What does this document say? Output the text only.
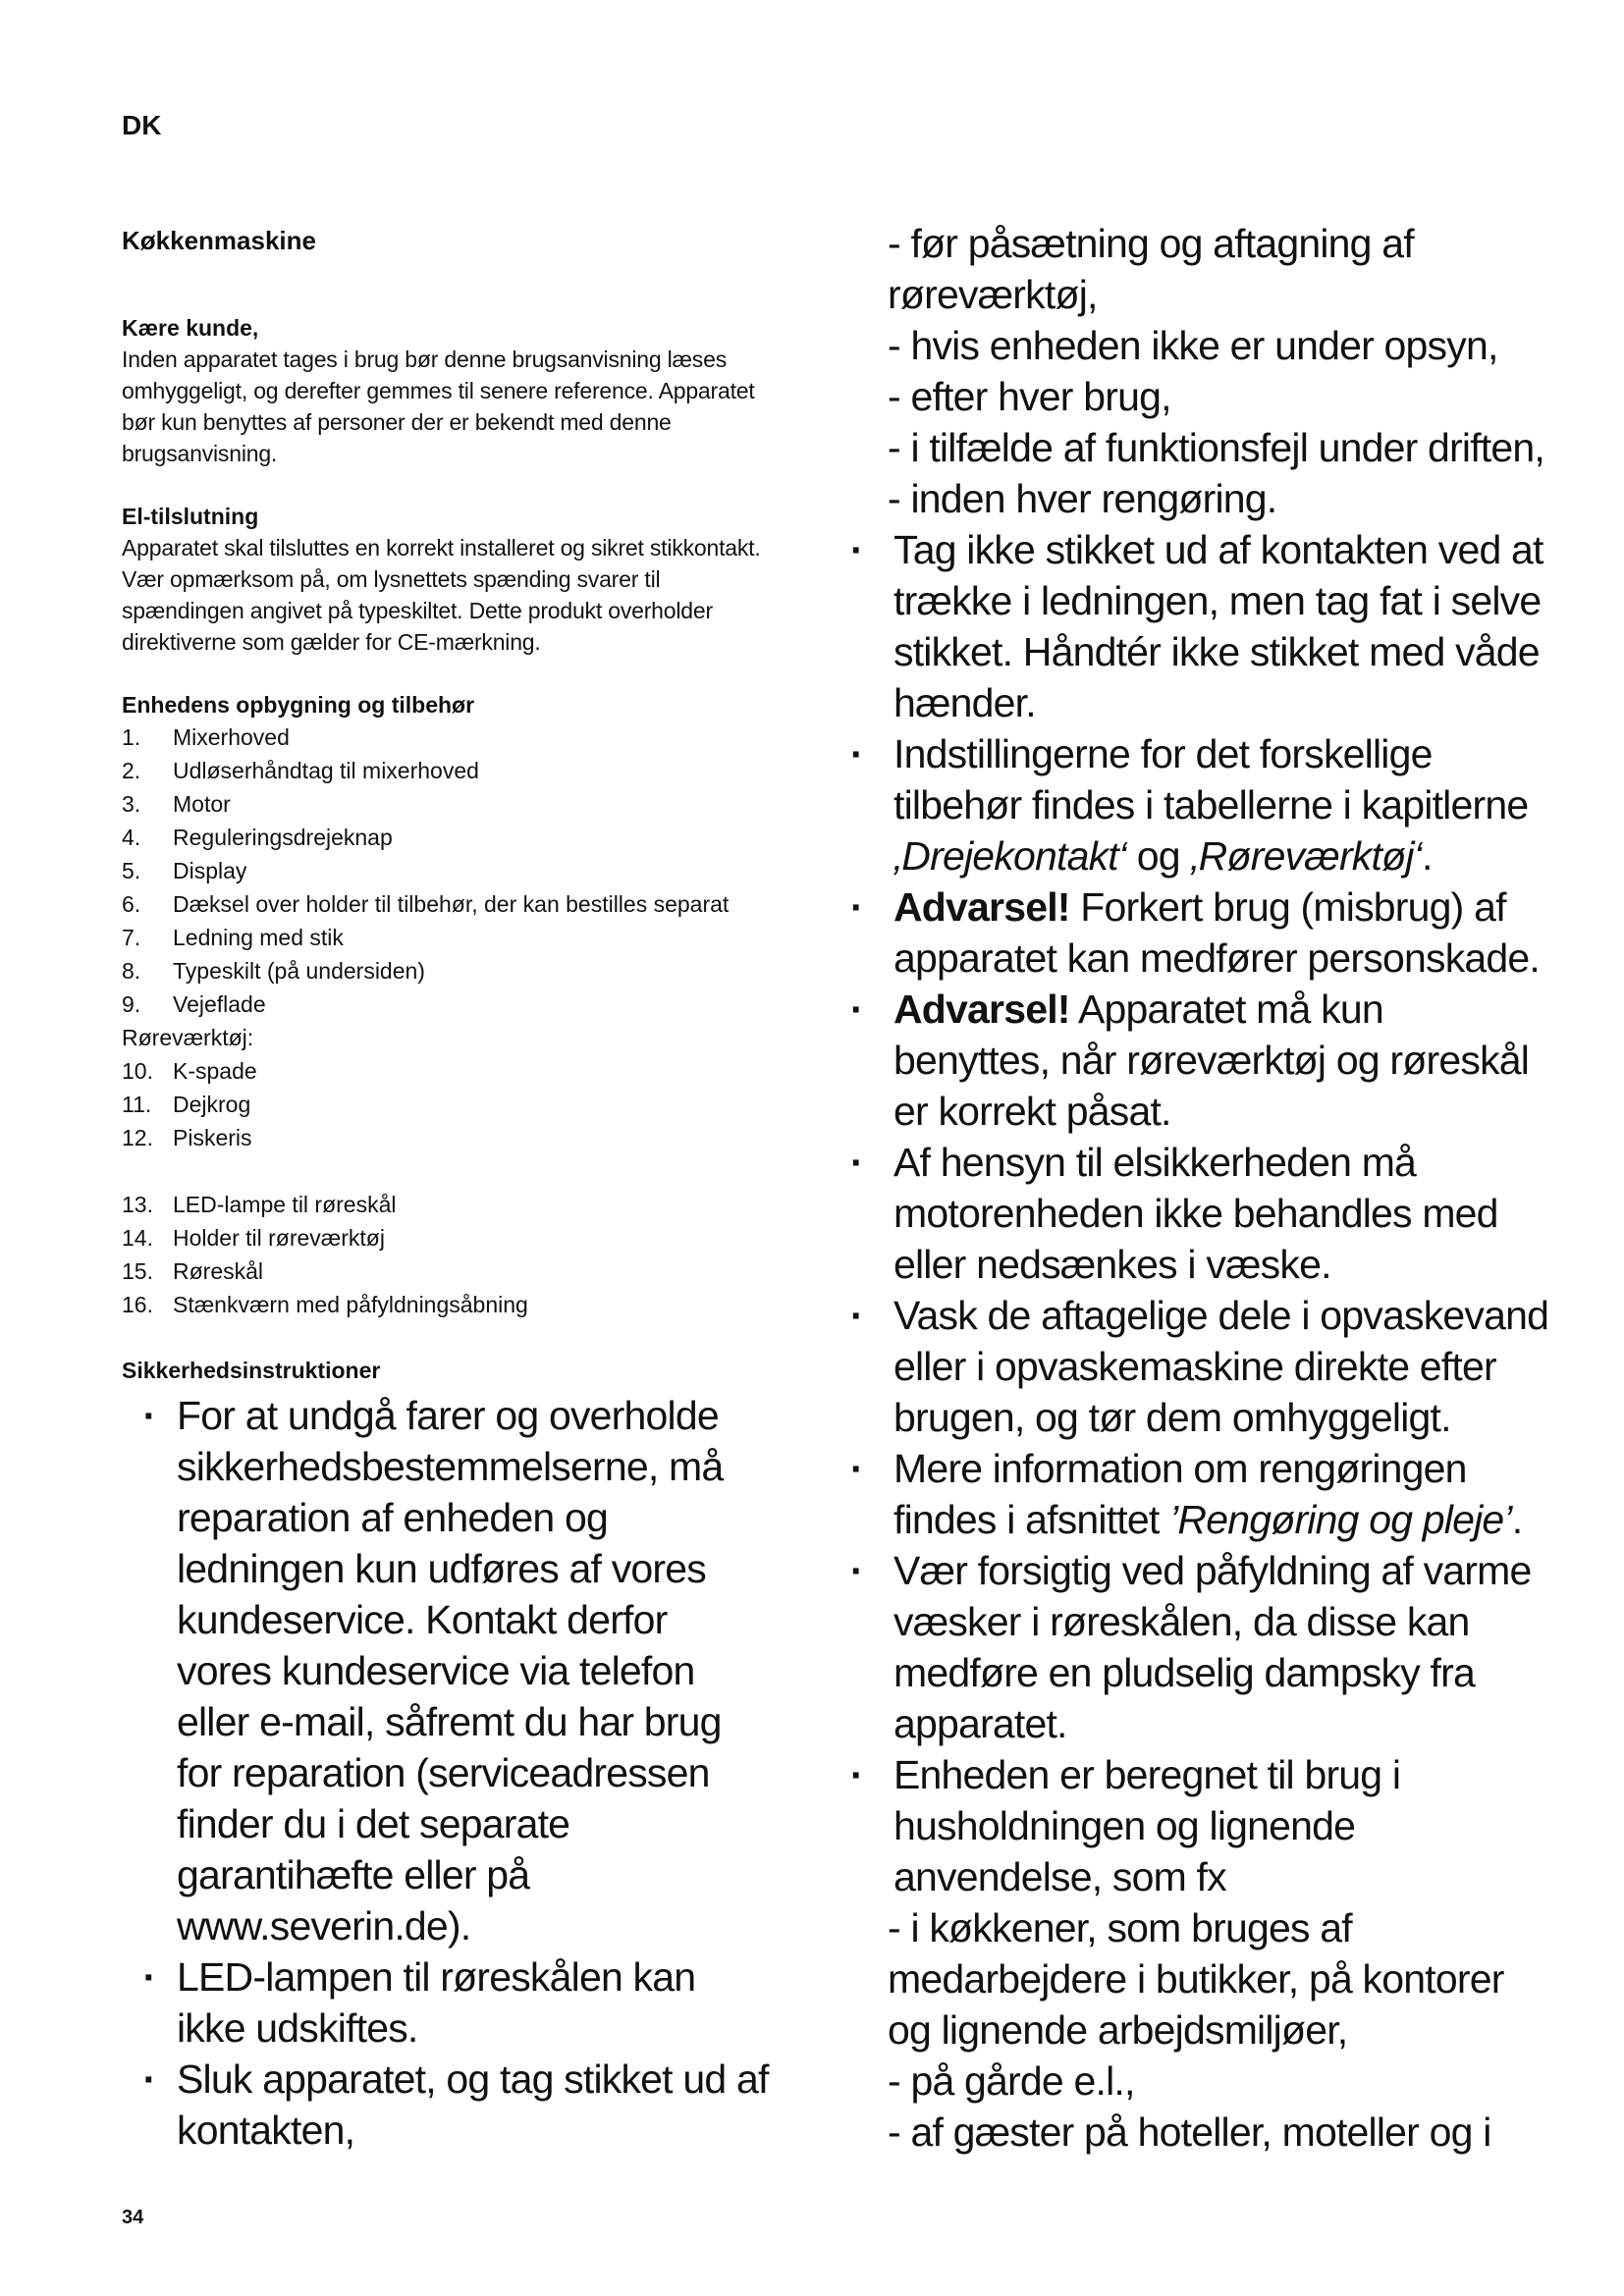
DK

Køkkenmaskine

Kære kunde,

Inden apparatet tages i brug bør denne brugsanvisning læses omhyggeligt, og derefter gemmes til senere reference. Apparatet bør kun benyttes af personer der er bekendt med denne brugsanvisning.

El-tilslutning

Apparatet skal tilsluttes en korrekt installeret og sikret stikkontakt.

Vær opmærksom på, om lysnettets spænding svarer til spændingen angivet på typeskiltet. Dette produkt overholder direktiverne som gælder for CE-mærkning.

Enhedens opbygning og tilbehør

1.	Mixerhoved
2.	Udløserhåndtag til mixerhoved
3.	Motor
4.	Reguleringsdrejeknap
5.	Display
6.	Dæksel over holder til tilbehør, der kan bestilles separat
7.	Ledning med stik
8.	Typeskilt (på undersiden)
9.	Vejeflade

Røreværktøj:

10. K-spade
11. Dejkrog
12. Piskeris
13. LED-lampe til røreskål
14. Holder til røreværktøj
15. Røreskål
16. Stænkværn med påfyldningsåbning

Sikkerhedsinstruktioner

· For at undgå farer og overholde sikkerhedsbestemmelserne, må reparation af enheden og ledningen kun udføres af vores kundeservice. Kontakt derfor vores kundeservice via telefon eller e-mail, såfremt du har brug for reparation (serviceadressen finder du i det separate garantihæfte eller på www.severin.de).

· LED-lampen til røreskålen kan ikke udskiftes.

· Sluk apparatet, og tag stikket ud af kontakten,

- før påsætning og aftagning af røreværktøj,

- hvis enheden ikke er under opsyn,

- efter hver brug,

- i tilfælde af funktionsfejl under driften,

- inden hver rengøring.

· Tag ikke stikket ud af kontakten ved at trække i ledningen, men tag fat i selve stikket. Håndtér ikke stikket med våde hænder.

· Indstillingerne for det forskellige tilbehør findes i tabellerne i kapitlerne ‚Drejekontakt‘ og ‚Røreværktøj‘.

· Advarsel! Forkert brug (misbrug) af apparatet kan medfører personskade.

· Advarsel! Apparatet må kun benyttes, når røreværktøj og røreskål er korrekt påsat.

· Af hensyn til elsikkerheden må motorenheden ikke behandles med eller nedsænkes i væske.

· Vask de aftagelige dele i opvaskevand eller i opvaskemaskine direkte efter brugen, og tør dem omhyggeligt.

· Mere information om rengøringen findes i afsnittet ’Rengøring og pleje’.

· Vær forsigtig ved påfyldning af varme væsker i røreskålen, da disse kan medføre en pludselig dampsky fra apparatet.

· Enheden er beregnet til brug i husholdningen og lignende anvendelse, som fx

- i køkkener, som bruges af medarbejdere i butikker, på kontorer og lignende arbejdsmiljøer,

- på gårde e.l.,

- af gæster på hoteller, moteller og i

34
